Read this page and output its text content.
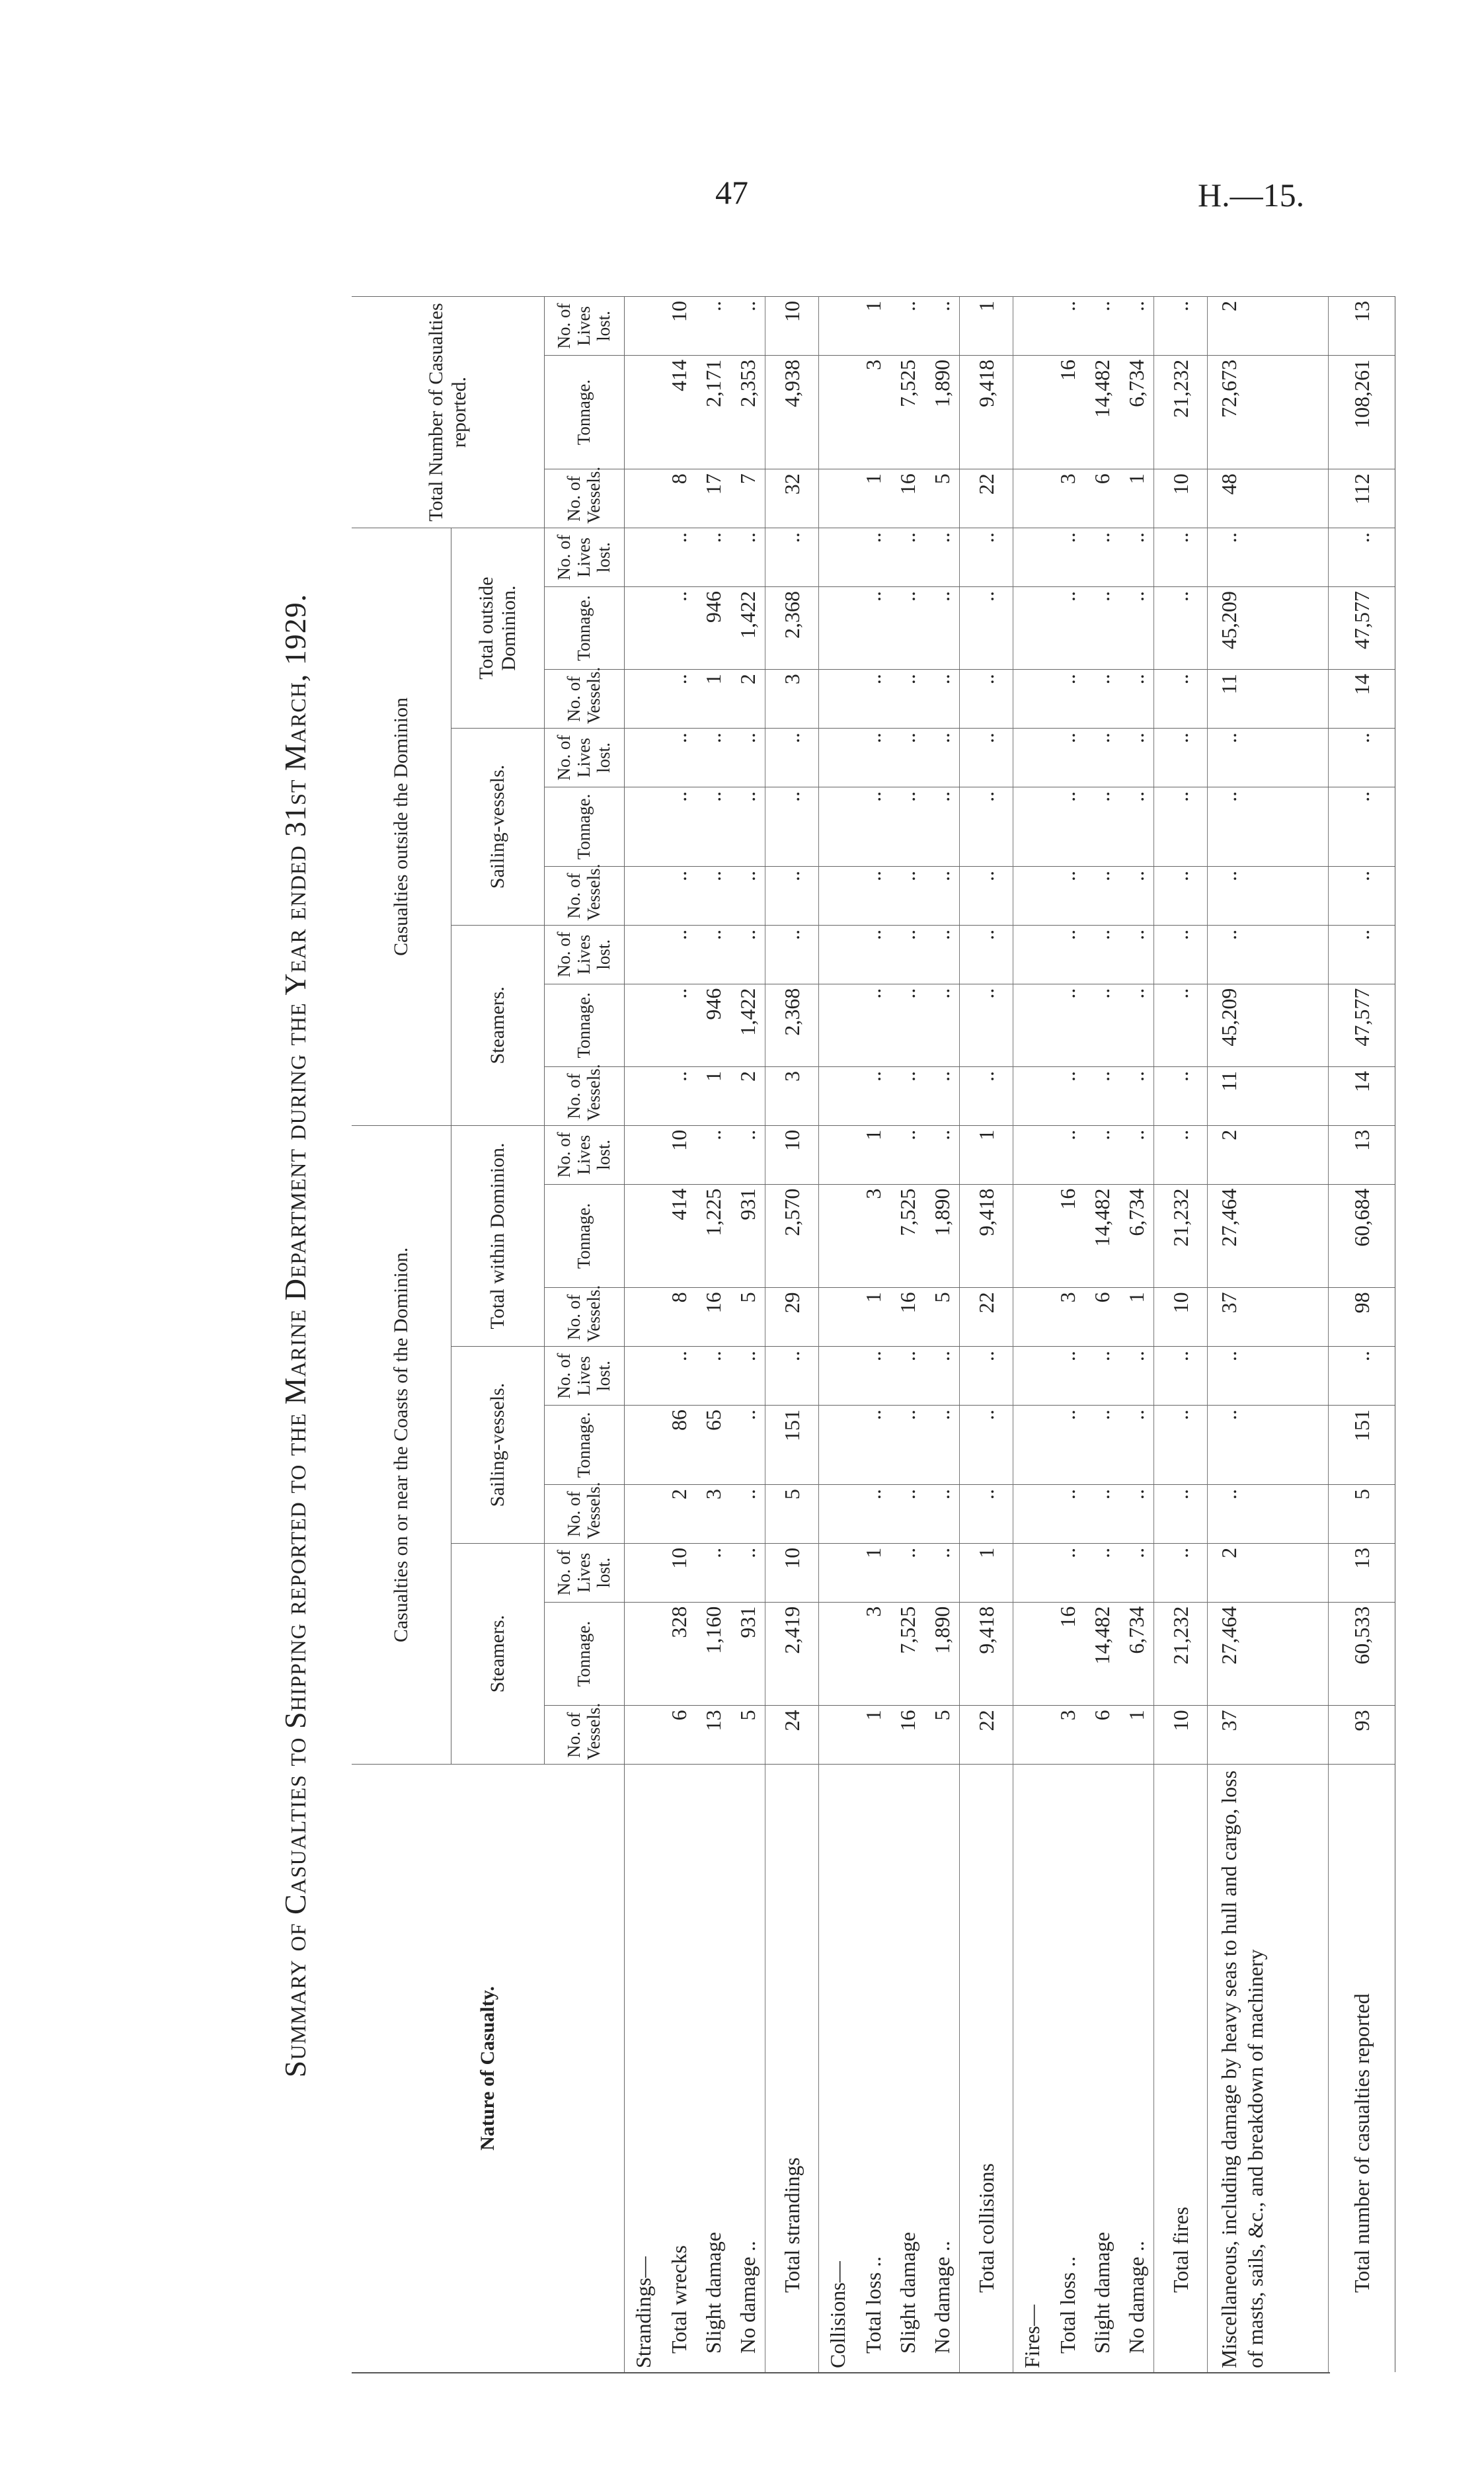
47	H.—15.
Summary of Casualties to Shipping reported to the Marine Department during the Year ended 31st March, 1929.	Nature of Casualty.	Casualties on or near the Coasts of the Dominion.									Casualties outside the Dominion									Total Number of Casualties reported.		
	Steamers.			Sailing-vessels.			Total within Dominion.			Steamers.			Sailing-vessels.			Total outside Dominion.					
	No. of Vessels.	Tonnage.	No. of Lives lost.	No. of Vessels.	Tonnage.	No. of Lives lost.	No. of Vessels.	Tonnage.	No. of Lives lost.	No. of Vessels.	Tonnage.	No. of Lives lost.	No. of Vessels.	Tonnage.	No. of Lives lost.	No. of Vessels.	Tonnage.	No. of Lives lost.	No. of Vessels.	Tonnage.	No. of Lives lost.
Strandings—																					
Total wrecks	6	328	10	2	86	..	8	414	10	..	..	..	..	..	..	..	..	..	8	414	10
Slight damage	13	1,160	..	3	65	..	16	1,225	..	1	946	..	..	..	..	1	946	..	17	2,171	..
No damage ..	5	931	..	..	..	..	5	931	..	2	1,422	..	..	..	..	2	1,422	..	7	2,353	..
Total strandings	24	2,419	10	5	151	..	29	2,570	10	3	2,368	..	..	..	..	3	2,368	..	32	4,938	10
Collisions—																					
Total loss ..	1	3	1	..	..	..	1	3	1	..	..	..	..	..	..	..	..	..	1	3	1
Slight damage	16	7,525	..	..	..	..	16	7,525	..	..	..	..	..	..	..	..	..	..	16	7,525	..
No damage ..	5	1,890	..	..	..	..	5	1,890	..	..	..	..	..	..	..	..	..	..	5	1,890	..
Total collisions	22	9,418	1	..	..	..	22	9,418	1	..	..	..	..	..	..	..	..	..	22	9,418	1
Fires—																					
Total loss ..	3	16	..	..	..	..	3	16	..	..	..	..	..	..	..	..	..	..	3	16	..
Slight damage	6	14,482	..	..	..	..	6	14,482	..	..	..	..	..	..	..	..	..	..	6	14,482	..
No damage ..	1	6,734	..	..	..	..	1	6,734	..	..	..	..	..	..	..	..	..	..	1	6,734	..
Total fires	10	21,232	..	..	..	..	10	21,232	..	..	..	..	..	..	..	..	..	..	10	21,232	..
Miscellaneous, including damage by heavy seas to hull and cargo, loss of masts, sails, &c., and breakdown of machinery	37	27,464	2	..	..	..	37	27,464	2	11	45,209	..	..	..	..	11	45,209	..	48	72,673	2
Total number of casualties reported	93	60,533	13	5	151	..	98	60,684	13	14	47,577	..	..	..	..	14	47,577	..	112	108,261	13
